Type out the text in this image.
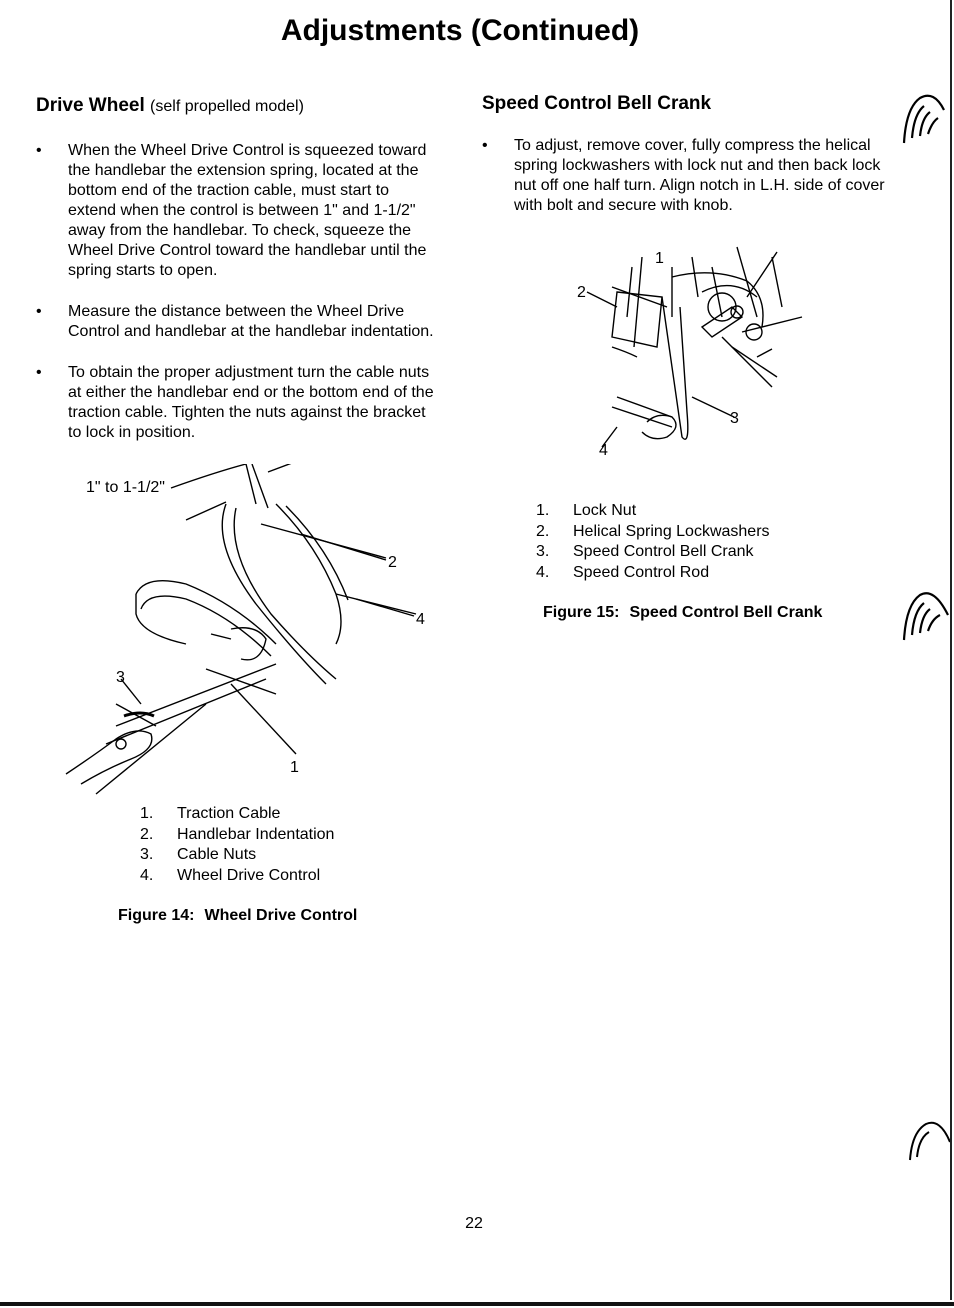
Adjustments (Continued)
Drive Wheel (self propelled model)
• When the Wheel Drive Control is squeezed toward the handlebar the extension spring, located at the bottom end of the traction cable, must start to extend when the control is between 1" and 1-1/2" away from the handlebar. To check, squeeze the Wheel Drive Control toward the handlebar until the spring starts to open.
• Measure the distance between the Wheel Drive Control and handlebar at the handlebar indentation.
• To obtain the proper adjustment turn the cable nuts at either the handlebar end or the bottom end of the traction cable. Tighten the nuts against the bracket to lock in position.
1" to 1-1/2"
2
4
3
1
1.	Traction Cable
2.	Handlebar Indentation
3.	Cable Nuts
4.	Wheel Drive Control

Figure 14: Wheel Drive Control

Speed Control Bell Crank
• To adjust, remove cover, fully compress the helical spring lockwashers with lock nut and then back lock nut off one half turn. Align notch in L.H. side of cover with bolt and secure with knob.
1
2
3
4
1.	Lock Nut
2.	Helical Spring Lockwashers
3.	Speed Control Bell Crank
4.	Speed Control Rod

Figure 15: Speed Control Bell Crank

22
